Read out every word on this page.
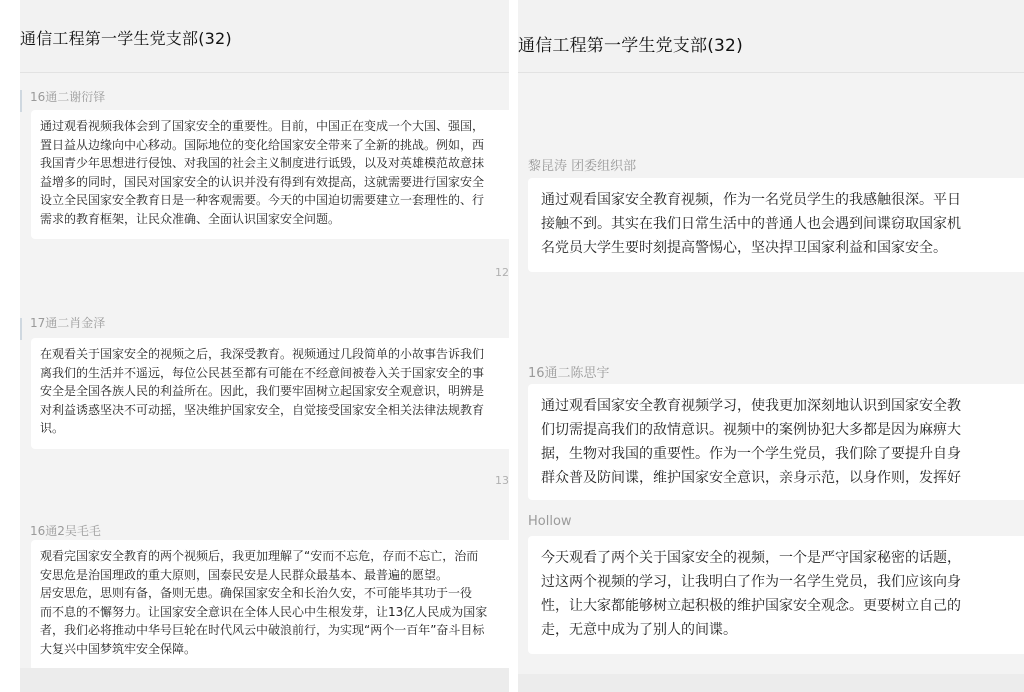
通信工程第一学生党支部(32)
16通二谢衍铎
通过观看视频我体会到了国家安全的重要性。目前，中国正在变成一个大国、强国，
置日益从边缘向中心移动。国际地位的变化给国家安全带来了全新的挑战。例如，西
我国青少年思想进行侵蚀、对我国的社会主义制度进行诋毁，以及对英雄模范故意抹
益增多的同时，国民对国家安全的认识并没有得到有效提高，这就需要进行国家安全
设立全民国家安全教育日是一种客观需要。今天的中国迫切需要建立一套理性的、行
需求的教育框架，让民众准确、全面认识国家安全问题。
12
17通二肖金泽
在观看关于国家安全的视频之后，我深受教育。视频通过几段简单的小故事告诉我们
离我们的生活并不遥远，每位公民甚至都有可能在不经意间被卷入关于国家安全的事
安全是全国各族人民的利益所在。因此，我们要牢固树立起国家安全观意识，明辨是
对利益诱惑坚决不可动摇，坚决维护国家安全，自觉接受国家安全相关法律法规教育
识。
13
16通2吴毛毛
观看完国家安全教育的两个视频后，我更加理解了“安而不忘危，存而不忘亡，治而
安思危是治国理政的重大原则，国泰民安是人民群众最基本、最普遍的愿望。
居安思危，思则有备，备则无患。确保国家安全和长治久安，不可能毕其功于一役
而不息的不懈努力。让国家安全意识在全体人民心中生根发芽，让13亿人民成为国家
者，我们必将推动中华号巨轮在时代风云中破浪前行，为实现“两个一百年”奋斗目标
大复兴中国梦筑牢安全保障。
通信工程第一学生党支部(32)
黎昆涛 团委组织部
通过观看国家安全教育视频，作为一名党员学生的我感触很深。平日
接触不到。其实在我们日常生活中的普通人也会遇到间谍窃取国家机
名党员大学生要时刻提高警惕心，坚决捍卫国家利益和国家安全。
16通二陈思宇
通过观看国家安全教育视频学习，使我更加深刻地认识到国家安全教
们切需提高我们的敌情意识。视频中的案例协犯大多都是因为麻痹大
据，生物对我国的重要性。作为一个学生党员，我们除了要提升自身
群众普及防间谍，维护国家安全意识，亲身示范，以身作则，发挥好
Hollow
今天观看了两个关于国家安全的视频，一个是严守国家秘密的话题，
过这两个视频的学习，让我明白了作为一名学生党员，我们应该向身
性，让大家都能够树立起积极的维护国家安全观念。更要树立自己的
走，无意中成为了别人的间谍。
